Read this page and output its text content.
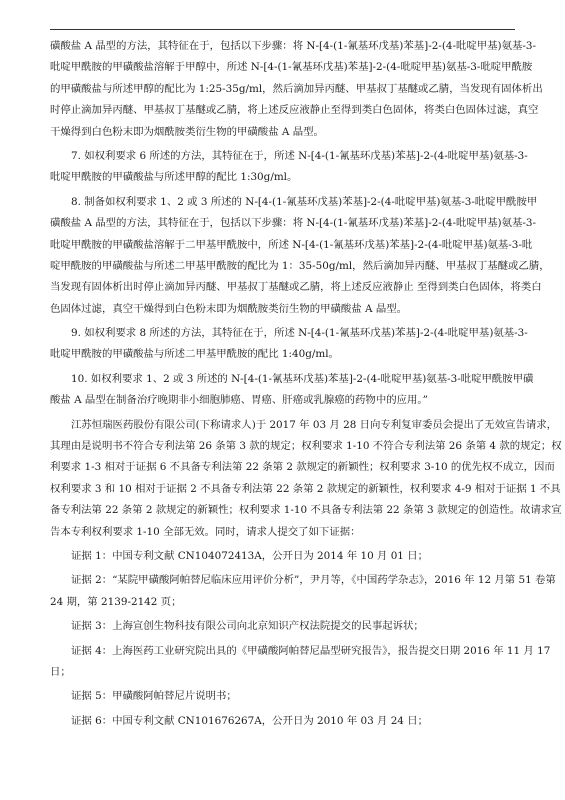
磺酸盐 A 晶型的方法，其特征在于，包括以下步骤：将 N-[4-(1-氰基环戊基)苯基]-2-(4-吡啶甲基)氨基-3-
吡啶甲酰胺的甲磺酸盐溶解于甲醇中，所述 N-[4-(1-氰基环戊基)苯基]-2-(4-吡啶甲基)氨基-3-吡啶甲酰胺
的甲磺酸盐与所述甲醇的配比为 1:25-35g/ml，然后滴加异丙醚、甲基叔丁基醚或乙腈，当发现有固体析出
时停止滴加异丙醚、甲基叔丁基醚或乙腈，将上述反应液静止至得到类白色固体，将类白色固体过滤，真空
干燥得到白色粉末即为烟酰胺类衍生物的甲磺酸盐 A 晶型。
7. 如权利要求 6 所述的方法，其特征在于，所述 N-[4-(1-氰基环戊基)苯基]-2-(4-吡啶甲基)氨基-3-
吡啶甲酰胺的甲磺酸盐与所述甲醇的配比 1:30g/ml。
8. 制备如权利要求 1、2 或 3 所述的 N-[4-(1-氰基环戊基)苯基]-2-(4-吡啶甲基)氨基-3-吡啶甲酰胺甲
磺酸盐 A 晶型的方法，其特征在于，包括以下步骤：将 N-[4-(1-氰基环戊基)苯基]-2-(4-吡啶甲基)氨基-3-
吡啶甲酰胺的甲磺酸盐溶解于二甲基甲酰胺中，所述 N-[4-(1-氰基环戊基)苯基]-2-(4-吡啶甲基)氨基-3-吡
啶甲酰胺的甲磺酸盐与所述二甲基甲酰胺的配比为 1：35-50g/ml，然后滴加异丙醚、甲基叔丁基醚或乙腈，
当发现有固体析出时停止滴加异丙醚、甲基叔丁基醚或乙腈，将上述反应液静止 至得到类白色固体，将类白
色固体过滤，真空干燥得到白色粉末即为烟酰胺类衍生物的甲磺酸盐 A 晶型。
9. 如权利要求 8 所述的方法，其特征在于，所述 N-[4-(1-氰基环戊基)苯基]-2-(4-吡啶甲基)氨基-3-
吡啶甲酰胺的甲磺酸盐与所述二甲基甲酰胺的配比 1:40g/ml。
10. 如权利要求 1、2 或 3 所述的 N-[4-(1-氰基环戊基)苯基]-2-(4-吡啶甲基)氨基-3-吡啶甲酰胺甲磺
酸盐 A 晶型在制备治疗晚期非小细胞肺癌、胃癌、肝癌或乳腺癌的药物中的应用。”
江苏恒瑞医药股份有限公司(下称请求人)于 2017 年 03 月 28 日向专利复审委员会提出了无效宣告请求，
其理由是说明书不符合专利法第 26 条第 3 款的规定；权利要求 1-10 不符合专利法第 26 条第 4 款的规定；权
利要求 1-3 相对于证据 6 不具备专利法第 22 条第 2 款规定的新颖性；权利要求 3-10 的优先权不成立，因而
权利要求 3 和 10 相对于证据 2 不具备专利法第 22 条第 2 款规定的新颖性，权利要求 4-9 相对于证据 1 不具
备专利法第 22 条第 2 款规定的新颖性；权利要求 1-10 不具备专利法第 22 条第 3 款规定的创造性。故请求宣
告本专利权利要求 1-10 全部无效。同时，请求人提交了如下证据：
证据 1：中国专利文献 CN104072413A，公开日为 2014 年 10 月 01 日；
证据 2：“某院甲磺酸阿帕替尼临床应用评价分析”，尹月等，《中国药学杂志》，2016 年 12 月第 51 卷第
24 期，第 2139-2142 页；
证据 3：上海宣创生物科技有限公司向北京知识产权法院提交的民事起诉状；
证据 4：上海医药工业研究院出具的《甲磺酸阿帕替尼晶型研究报告》，报告提交日期 2016 年 11 月 17
日；
证据 5：甲磺酸阿帕替尼片说明书；
证据 6：中国专利文献 CN101676267A，公开日为 2010 年 03 月 24 日；
